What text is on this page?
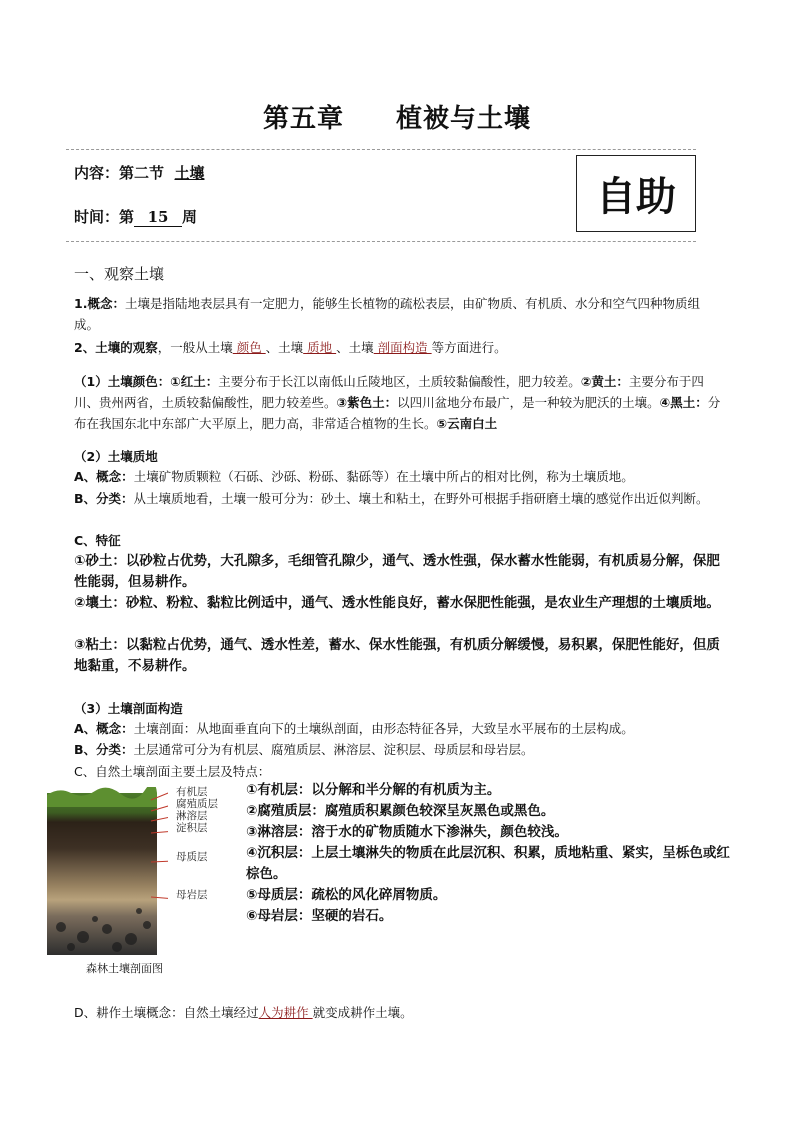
第五章 植被与土壤
内容：第二节 土壤
时间：第 15 周	自助
一、观察土壤
1.概念：土壤是指陆地表层具有一定肥力，能够生长植物的疏松表层，由矿物质、有机质、水分和空气四种物质组成。
2、土壤的观察，一般从土壤 颜色 、土壤 质地 、土壤 剖面构造 等方面进行。
（1）土壤颜色：①红土：主要分布于长江以南低山丘陵地区，土质较黏偏酸性，肥力较差。②黄土：主要分布于四川、贵州两省，土质较黏偏酸性，肥力较差些。③紫色土：以四川盆地分布最广，是一种较为肥沃的土壤。④黑土：分布在我国东北中东部广大平原上，肥力高，非常适合植物的生长。⑤云南白土
（2）土壤质地
A、概念：土壤矿物质颗粒（石砾、沙砾、粉砾、黏砾等）在土壤中所占的相对比例，称为土壤质地。
B、分类：从土壤质地看，土壤一般可分为：砂土、壤土和粘土，在野外可根据手指研磨土壤的感觉作出近似判断。
C、特征
①砂土：以砂粒占优势，大孔隙多，毛细管孔隙少，通气、透水性强，保水蓄水性能弱，有机质易分解，保肥性能弱，但易耕作。
②壤土：砂粒、粉粒、黏粒比例适中，通气、透水性能良好，蓄水保肥性能强，是农业生产理想的土壤质地。
③粘土：以黏粒占优势，通气、透水性差，蓄水、保水性能强，有机质分解缓慢，易积累，保肥性能好，但质地黏重，不易耕作。
（3）土壤剖面构造
A、概念：土壤剖面：从地面垂直向下的土壤纵剖面，由形态特征各异，大致呈水平展布的土层构成。
B、分类：土层通常可分为有机层、腐殖质层、淋溶层、淀积层、母质层和母岩层。
C、自然土壤剖面主要土层及特点：
有机层
腐殖质层
淋溶层
淀积层
母质层
母岩层
森林土壤剖面图
①有机层：以分解和半分解的有机质为主。
②腐殖质层：腐殖质积累颜色较深呈灰黑色或黑色。
③淋溶层：溶于水的矿物质随水下渗淋失，颜色较浅。
④沉积层：上层土壤淋失的物质在此层沉积、积累，质地粘重、紧实，呈栎色或红棕色。
⑤母质层：疏松的风化碎屑物质。
⑥母岩层：坚硬的岩石。
D、耕作土壤概念：自然土壤经过人为耕作 就变成耕作土壤。
